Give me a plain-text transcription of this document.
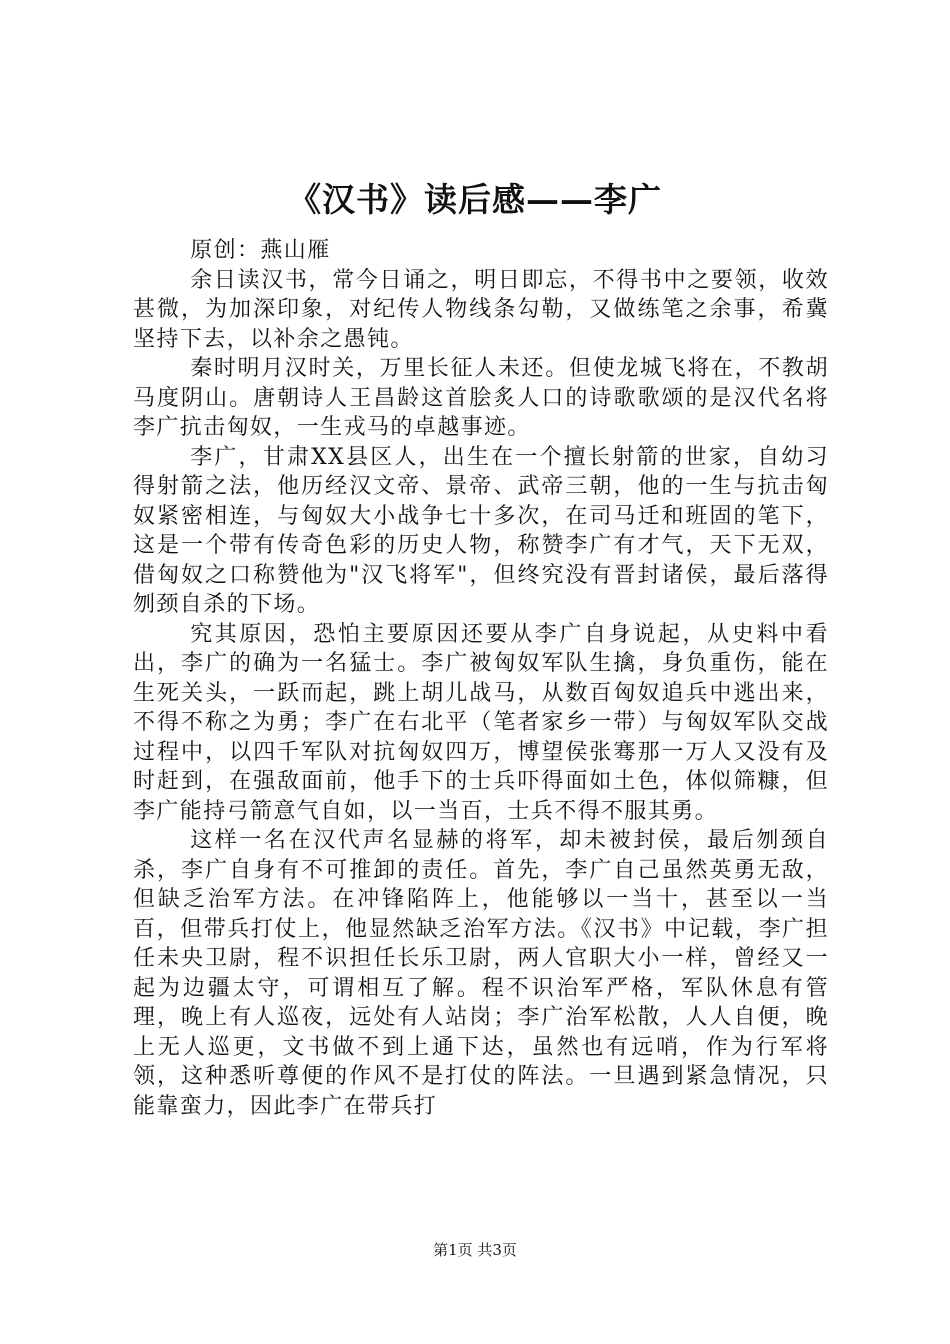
《汉书》读后感——李广

原创：燕山雁

余日读汉书，常今日诵之，明日即忘，不得书中之要领，收效甚微，为加深印象，对纪传人物线条勾勒，又做练笔之余事，希冀坚持下去，以补余之愚钝。

秦时明月汉时关，万里长征人未还。但使龙城飞将在，不教胡马度阴山。唐朝诗人王昌龄这首脍炙人口的诗歌歌颂的是汉代名将李广抗击匈奴，一生戎马的卓越事迹。

李广，甘肃XX县区人，出生在一个擅长射箭的世家，自幼习得射箭之法，他历经汉文帝、景帝、武帝三朝，他的一生与抗击匈奴紧密相连，与匈奴大小战争七十多次，在司马迁和班固的笔下，这是一个带有传奇色彩的历史人物，称赞李广有才气，天下无双，借匈奴之口称赞他为"汉飞将军"，但终究没有晋封诸侯，最后落得刎颈自杀的下场。

究其原因，恐怕主要原因还要从李广自身说起，从史料中看出，李广的确为一名猛士。李广被匈奴军队生擒，身负重伤，能在生死关头，一跃而起，跳上胡儿战马，从数百匈奴追兵中逃出来，不得不称之为勇；李广在右北平（笔者家乡一带）与匈奴军队交战过程中，以四千军队对抗匈奴四万，博望侯张骞那一万人又没有及时赶到，在强敌面前，他手下的士兵吓得面如土色，体似筛糠，但李广能持弓箭意气自如，以一当百，士兵不得不服其勇。

这样一名在汉代声名显赫的将军，却未被封侯，最后刎颈自杀，李广自身有不可推卸的责任。首先，李广自己虽然英勇无敌，但缺乏治军方法。在冲锋陷阵上，他能够以一当十，甚至以一当百，但带兵打仗上，他显然缺乏治军方法。《汉书》中记载，李广担任未央卫尉，程不识担任长乐卫尉，两人官职大小一样，曾经又一起为边疆太守，可谓相互了解。程不识治军严格，军队休息有管理，晚上有人巡夜，远处有人站岗；李广治军松散，人人自便，晚上无人巡更，文书做不到上通下达，虽然也有远哨，作为行军将领，这种悉听尊便的作风不是打仗的阵法。一旦遇到紧急情况，只能靠蛮力，因此李广在带兵打

第1页 共3页
